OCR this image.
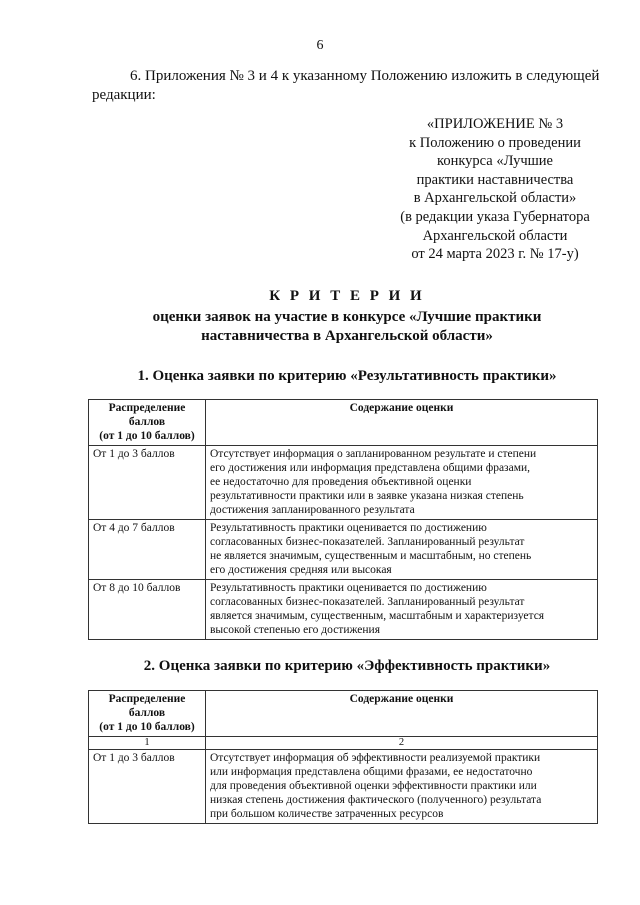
6

6. Приложения № 3 и 4 к указанному Положению изложить в следующей
редакции:

«ПРИЛОЖЕНИЕ № 3
к Положению о проведении
конкурса «Лучшие
практики наставничества
в Архангельской области»
(в редакции указа Губернатора
Архангельской области
от 24 марта 2023 г. № 17-у)
К Р И Т Е Р И И
оценки заявок на участие в конкурсе «Лучшие практики
наставничества в Архангельской области»
1. Оценка заявки по критерию «Результативность практики»
Распределение
баллов
(от 1 до 10 баллов)	Содержание оценки
От 1 до 3 баллов	Отсутствует информация о запланированном результате и степени
его достижения или информация представлена общими фразами,
ее недостаточно для проведения объективной оценки
результативности практики или в заявке указана низкая степень
достижения запланированного результата

От 4 до 7 баллов	Результативность практики оценивается по достижению
согласованных бизнес-показателей. Запланированный результат
не является значимым, существенным и масштабным, но степень
его достижения средняя или высокая

От 8 до 10 баллов	Результативность практики оценивается по достижению
согласованных бизнес-показателей. Запланированный результат
является значимым, существенным, масштабным и характеризуется
высокой степенью его достижения
2. Оценка заявки по критерию «Эффективность практики»
Распределение
баллов
(от 1 до 10 баллов)	Содержание оценки
1	2
От 1 до 3 баллов	Отсутствует информация об эффективности реализуемой практики
или информация представлена общими фразами, ее недостаточно
для проведения объективной оценки эффективности практики или
низкая степень достижения фактического (полученного) результата
при большом количестве затраченных ресурсов
